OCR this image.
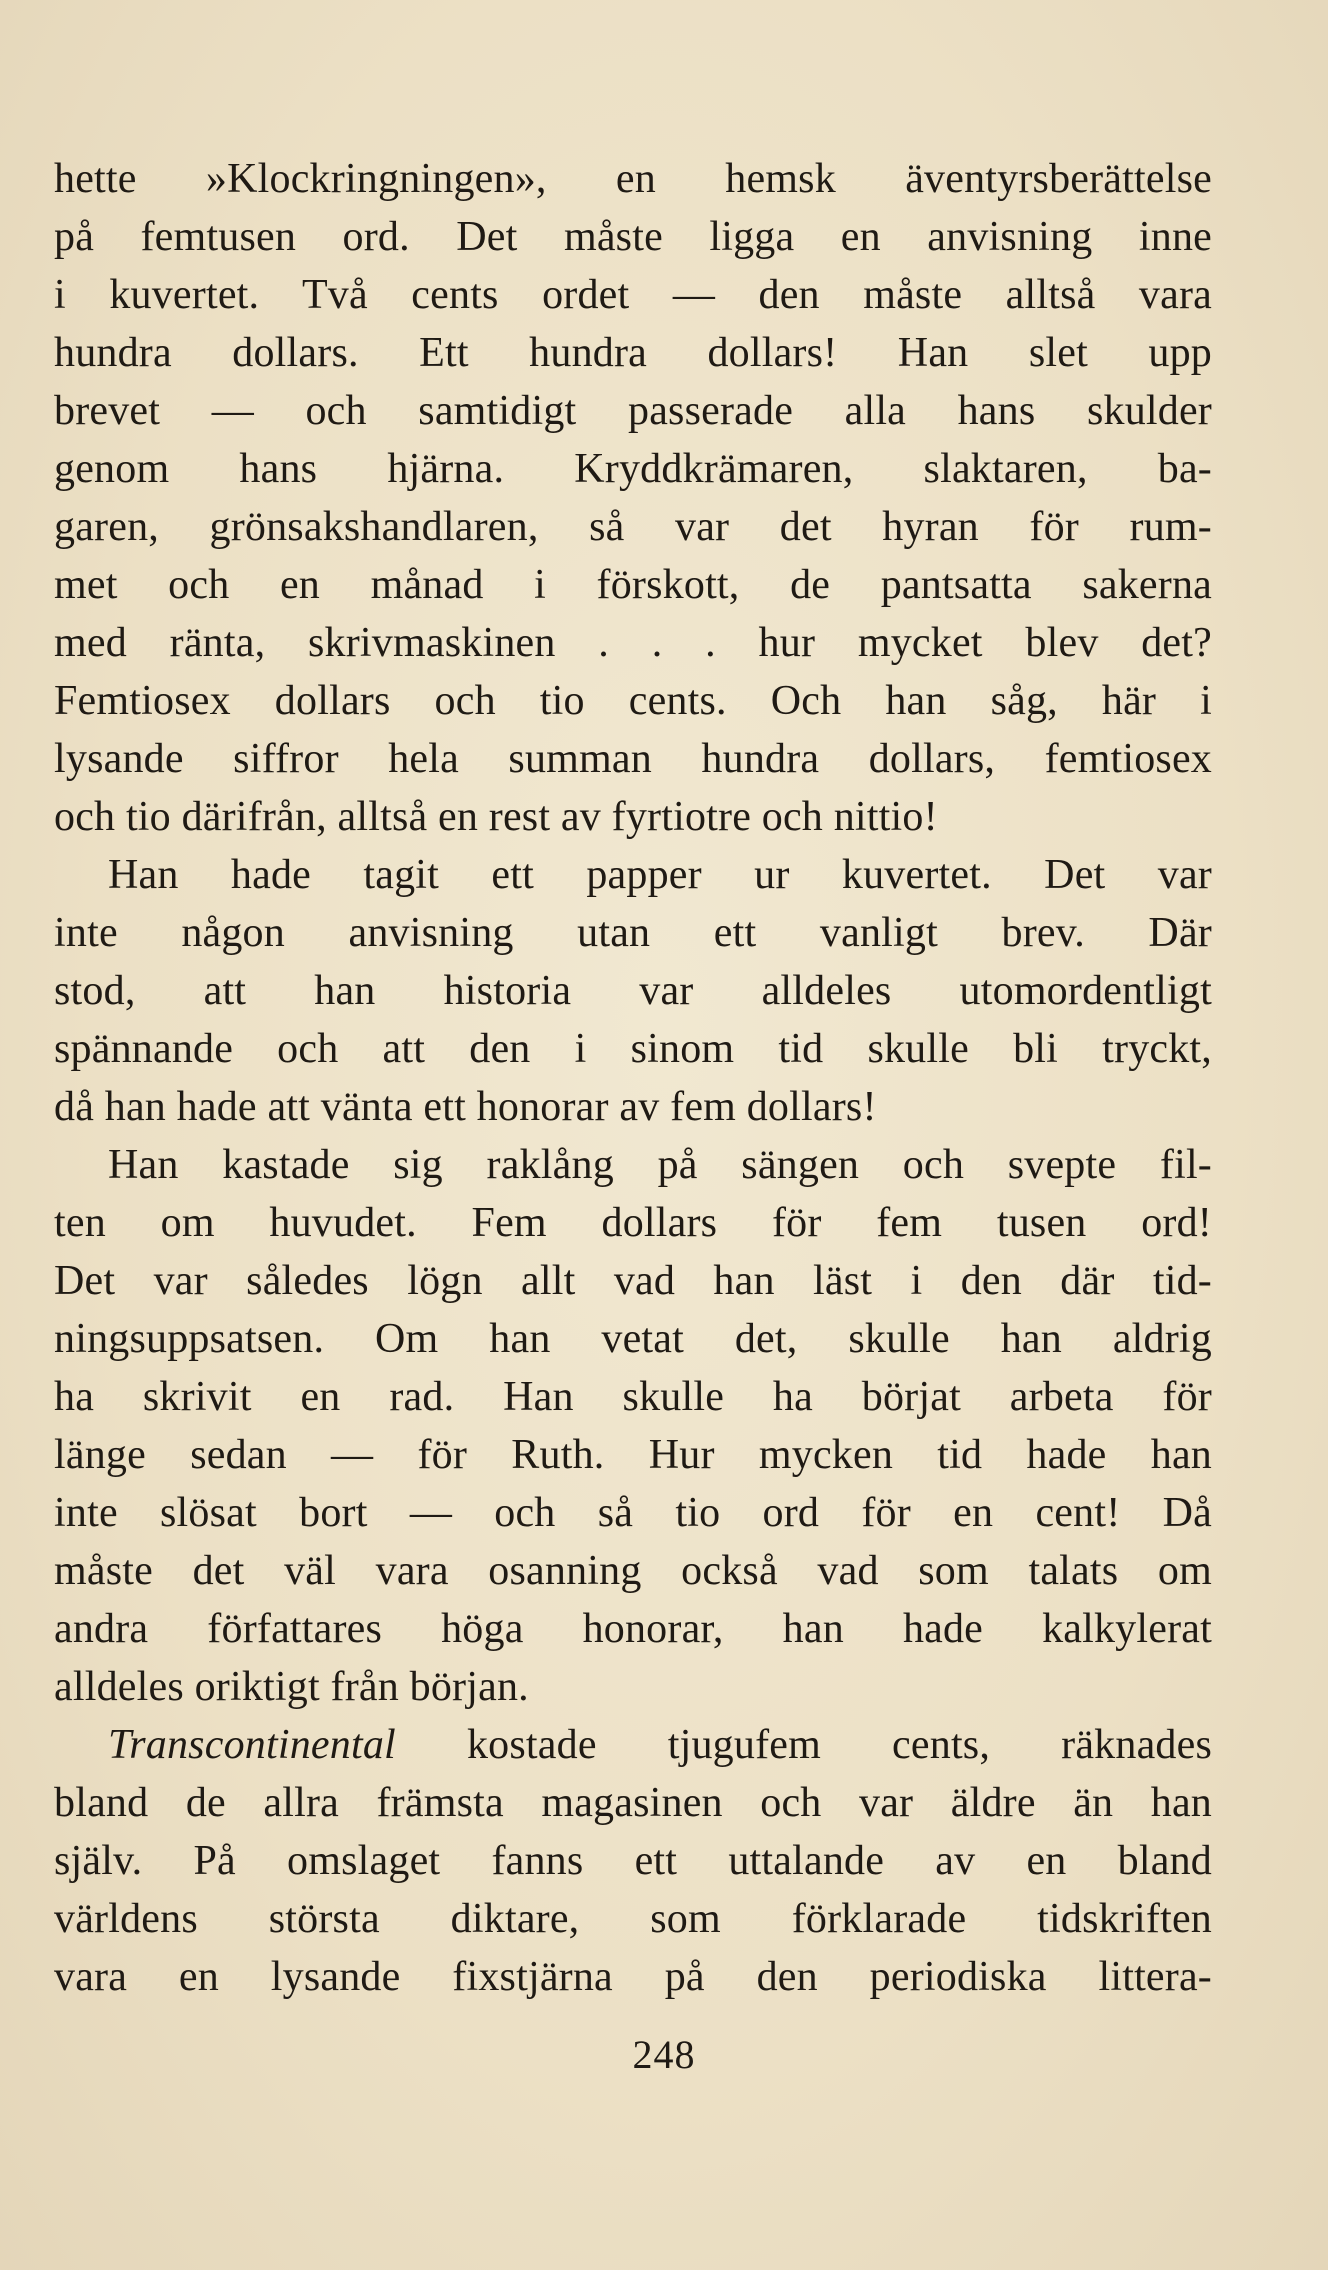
hette »Klockringningen», en hemsk äventyrsberättelse
på femtusen ord. Det måste ligga en anvisning inne
i kuvertet. Två cents ordet — den måste alltså vara
hundra dollars. Ett hundra dollars! Han slet upp
brevet — och samtidigt passerade alla hans skulder
genom hans hjärna. Kryddkrämaren, slaktaren, ba-
garen, grönsakshandlaren, så var det hyran för rum-
met och en månad i förskott, de pantsatta sakerna
med ränta, skrivmaskinen . . . hur mycket blev det?
Femtiosex dollars och tio cents. Och han såg, här i
lysande siffror hela summan hundra dollars, femtiosex
och tio därifrån, alltså en rest av fyrtiotre och nittio!
Han hade tagit ett papper ur kuvertet. Det var
inte någon anvisning utan ett vanligt brev. Där
stod, att han historia var alldeles utomordentligt
spännande och att den i sinom tid skulle bli tryckt,
då han hade att vänta ett honorar av fem dollars!
Han kastade sig raklång på sängen och svepte fil-
ten om huvudet. Fem dollars för fem tusen ord!
Det var således lögn allt vad han läst i den där tid-
ningsuppsatsen. Om han vetat det, skulle han aldrig
ha skrivit en rad. Han skulle ha börjat arbeta för
länge sedan — för Ruth. Hur mycken tid hade han
inte slösat bort — och så tio ord för en cent! Då
måste det väl vara osanning också vad som talats om
andra författares höga honorar, han hade kalkylerat
alldeles oriktigt från början.
Transcontinental kostade tjugufem cents, räknades
bland de allra främsta magasinen och var äldre än han
själv. På omslaget fanns ett uttalande av en bland
världens största diktare, som förklarade tidskriften
vara en lysande fixstjärna på den periodiska littera-
248
